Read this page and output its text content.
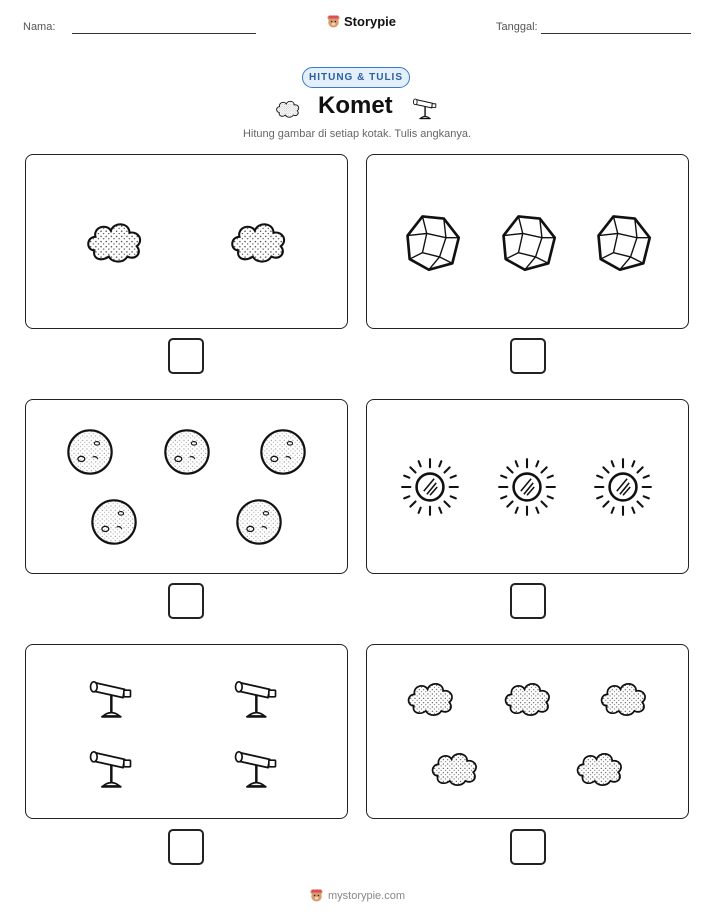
Nama:	Storypie	Tanggal:
HITUNG & TULIS
Komet
Hitung gambar di setiap kotak. Tulis angkanya.
mystorypie.com
